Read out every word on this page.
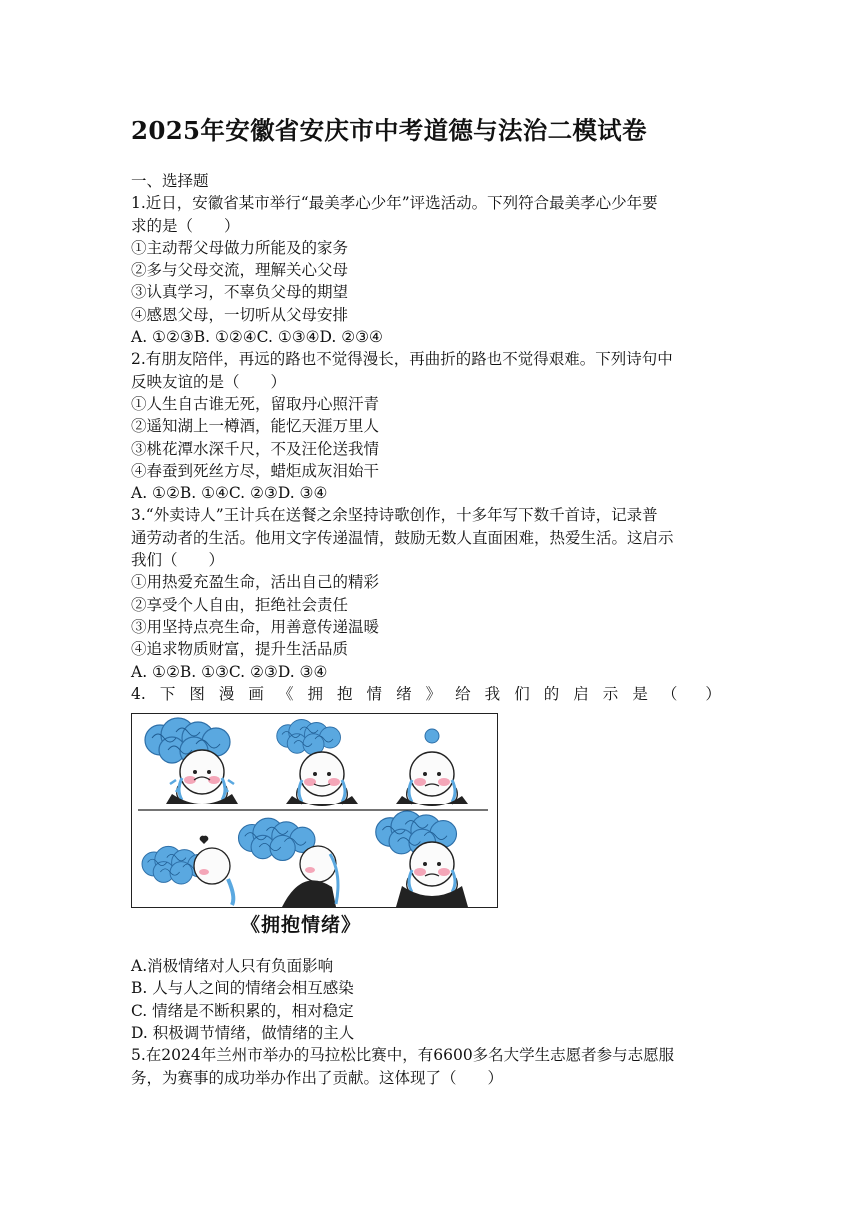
2025年安徽省安庆市中考道德与法治二模试卷
一、选择题
1.近日，安徽省某市举行“最美孝心少年”评选活动。下列符合最美孝心少年要
求的是（　　）
①主动帮父母做力所能及的家务
②多与父母交流，理解关心父母
③认真学习，不辜负父母的期望
④感恩父母，一切听从父母安排
A. ①②③B. ①②④C. ①③④D. ②③④
2.有朋友陪伴，再远的路也不觉得漫长，再曲折的路也不觉得艰难。下列诗句中
反映友谊的是（　　）
①人生自古谁无死，留取丹心照汗青
②遥知湖上一樽酒，能忆天涯万里人
③桃花潭水深千尺，不及汪伦送我情
④春蚕到死丝方尽，蜡炬成灰泪始干
A. ①②B. ①④C. ②③D. ③④
3.“外卖诗人”王计兵在送餐之余坚持诗歌创作，十多年写下数千首诗，记录普
通劳动者的生活。他用文字传递温情，鼓励无数人直面困难，热爱生活。这启示
我们（　　）
①用热爱充盈生命，活出自己的精彩
②享受个人自由，拒绝社会责任
③用坚持点亮生命，用善意传递温暖
④追求物质财富，提升生活品质
A. ①②B. ①③C. ②③D. ③④
4. 下 图 漫 画 《 拥 抱 情 绪 》 给 我 们 的 启 示 是 （ ）
《拥抱情绪》
A.消极情绪对人只有负面影响
B. 人与人之间的情绪会相互感染
C. 情绪是不断积累的，相对稳定
D. 积极调节情绪，做情绪的主人
5.在2024年兰州市举办的马拉松比赛中，有6600多名大学生志愿者参与志愿服
务，为赛事的成功举办作出了贡献。这体现了（　　）
